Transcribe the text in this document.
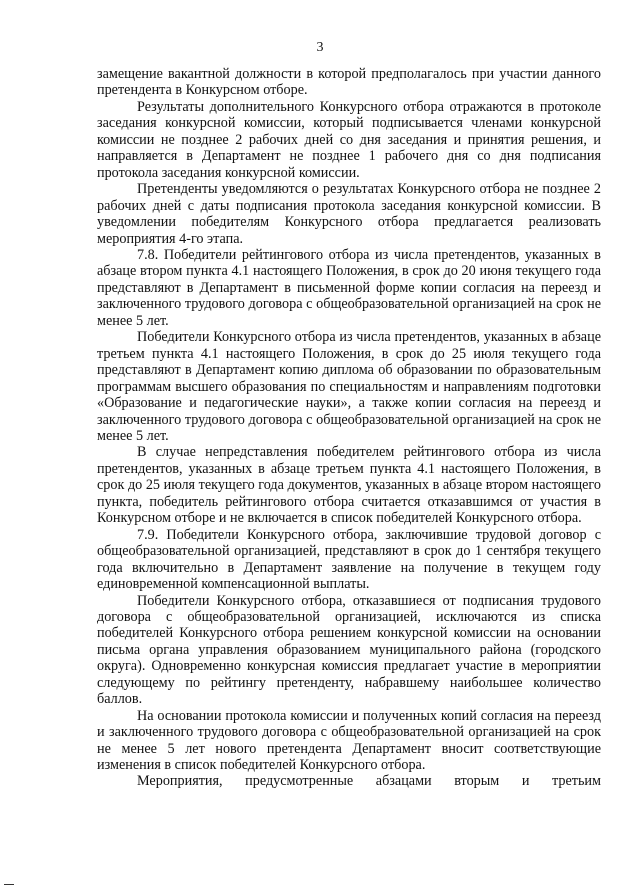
3

замещение вакантной должности в которой предполагалось при участии данного претендента в Конкурсном отборе.

Результаты дополнительного Конкурсного отбора отражаются в протоколе заседания конкурсной комиссии, который подписывается членами конкурсной комиссии не позднее 2 рабочих дней со дня заседания и принятия решения, и направляется в Департамент не позднее 1 рабочего дня со дня подписания протокола заседания конкурсной комиссии.

Претенденты уведомляются о результатах Конкурсного отбора не позднее 2 рабочих дней с даты подписания протокола заседания конкурсной комиссии. В уведомлении победителям Конкурсного отбора предлагается реализовать мероприятия 4-го этапа.

7.8. Победители рейтингового отбора из числа претендентов, указанных в абзаце втором пункта 4.1 настоящего Положения, в срок до 20 июня текущего года представляют в Департамент в письменной форме копии согласия на переезд и заключенного трудового договора с общеобразовательной организацией на срок не менее 5 лет.

Победители Конкурсного отбора из числа претендентов, указанных в абзаце третьем пункта 4.1 настоящего Положения, в срок до 25 июля текущего года представляют в Департамент копию диплома об образовании по образовательным программам высшего образования по специальностям и направлениям подготовки «Образование и педагогические науки», а также копии согласия на переезд и заключенного трудового договора с общеобразовательной организацией на срок не менее 5 лет.

В случае непредставления победителем рейтингового отбора из числа претендентов, указанных в абзаце третьем пункта 4.1 настоящего Положения, в срок до 25 июля текущего года документов, указанных в абзаце втором настоящего пункта, победитель рейтингового отбора считается отказавшимся от участия в Конкурсном отборе и не включается в список победителей Конкурсного отбора.

7.9. Победители Конкурсного отбора, заключившие трудовой договор с общеобразовательной организацией, представляют в срок до 1 сентября текущего года включительно в Департамент заявление на получение в текущем году единовременной компенсационной выплаты.

Победители Конкурсного отбора, отказавшиеся от подписания трудового договора с общеобразовательной организацией, исключаются из списка победителей Конкурсного отбора решением конкурсной комиссии на основании письма органа управления образованием муниципального района (городского округа). Одновременно конкурсная комиссия предлагает участие в мероприятии следующему по рейтингу претенденту, набравшему наибольшее количество баллов.

На основании протокола комиссии и полученных копий согласия на переезд и заключенного трудового договора с общеобразовательной организацией на срок не менее 5 лет нового претендента Департамент вносит соответствующие изменения в список победителей Конкурсного отбора.

Мероприятия, предусмотренные абзацами вторым и третьим
